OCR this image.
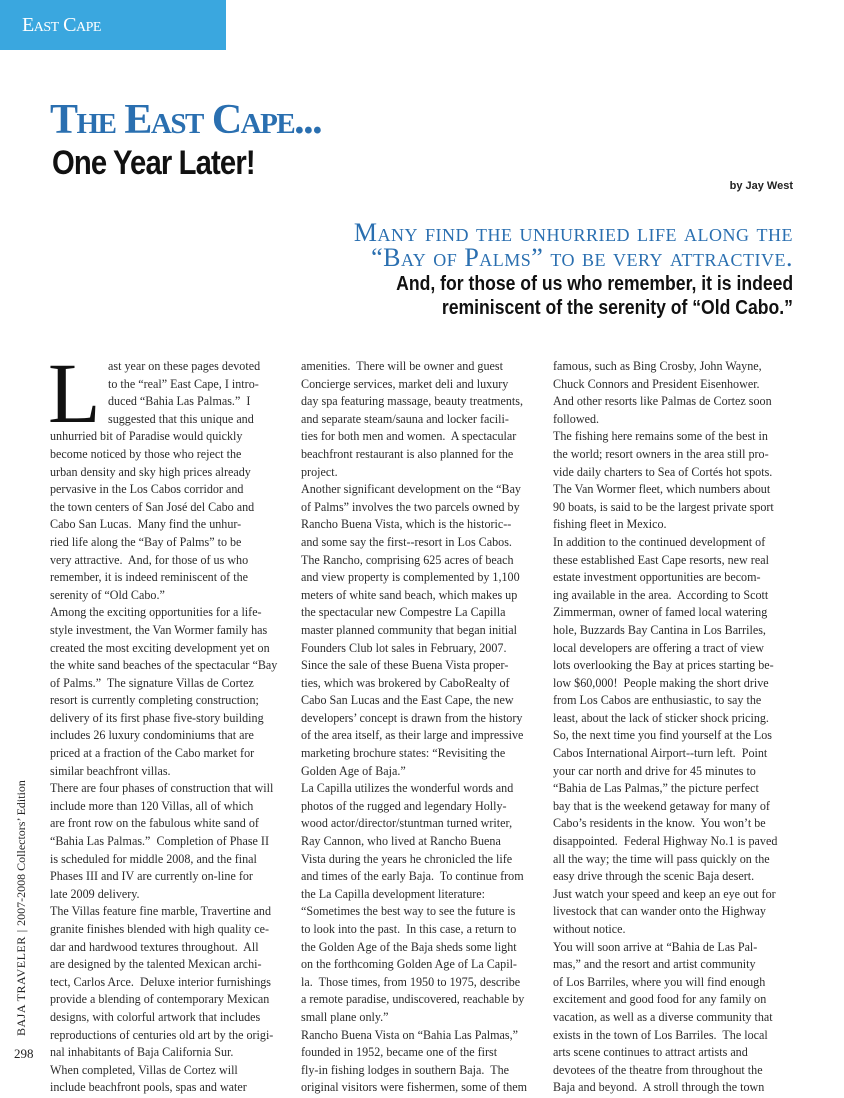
East Cape
The East Cape...
One Year Later!
by Jay West
Many find the unhurried life along the
“Bay of Palms” to be very attractive.
And, for those of us who remember, it is indeed
reminiscent of the serenity of “Old Cabo.”
L ast year on these pages devoted
to the “real” East Cape, I intro-
duced “Bahia Las Palmas.”  I
suggested that this unique and
unhurried bit of Paradise would quickly
become noticed by those who reject the
urban density and sky high prices already
pervasive in the Los Cabos corridor and
the town centers of San José del Cabo and
Cabo San Lucas.  Many find the unhur-
ried life along the “Bay of Palms” to be
very attractive.  And, for those of us who
remember, it is indeed reminiscent of the
serenity of “Old Cabo.”
Among the exciting opportunities for a life-
style investment, the Van Wormer family has
created the most exciting development yet on
the white sand beaches of the spectacular “Bay
of Palms.”  The signature Villas de Cortez
resort is currently completing construction;
delivery of its first phase five-story building
includes 26 luxury condominiums that are
priced at a fraction of the Cabo market for
similar beachfront villas.
There are four phases of construction that will
include more than 120 Villas, all of which
are front row on the fabulous white sand of
“Bahia Las Palmas.”  Completion of Phase II
is scheduled for middle 2008, and the final
Phases III and IV are currently on-line for
late 2009 delivery.
The Villas feature fine marble, Travertine and
granite finishes blended with high quality ce-
dar and hardwood textures throughout.  All
are designed by the talented Mexican archi-
tect, Carlos Arce.  Deluxe interior furnishings
provide a blending of contemporary Mexican
designs, with colorful artwork that includes
reproductions of centuries old art by the origi-
nal inhabitants of Baja California Sur.
When completed, Villas de Cortez will
include beachfront pools, spas and water
amenities.  There will be owner and guest
Concierge services, market deli and luxury
day spa featuring massage, beauty treatments,
and separate steam/sauna and locker facili-
ties for both men and women.  A spectacular
beachfront restaurant is also planned for the
project.
Another significant development on the “Bay
of Palms” involves the two parcels owned by
Rancho Buena Vista, which is the historic--
and some say the first--resort in Los Cabos.
The Rancho, comprising 625 acres of beach
and view property is complemented by 1,100
meters of white sand beach, which makes up
the spectacular new Compestre La Capilla
master planned community that began initial
Founders Club lot sales in February, 2007.
Since the sale of these Buena Vista proper-
ties, which was brokered by CaboRealty of
Cabo San Lucas and the East Cape, the new
developers’ concept is drawn from the history
of the area itself, as their large and impressive
marketing brochure states: “Revisiting the
Golden Age of Baja.”
La Capilla utilizes the wonderful words and
photos of the rugged and legendary Holly-
wood actor/director/stuntman turned writer,
Ray Cannon, who lived at Rancho Buena
Vista during the years he chronicled the life
and times of the early Baja.  To continue from
the La Capilla development literature:
“Sometimes the best way to see the future is
to look into the past.  In this case, a return to
the Golden Age of the Baja sheds some light
on the forthcoming Golden Age of La Capil-
la.  Those times, from 1950 to 1975, describe
a remote paradise, undiscovered, reachable by
small plane only.”
Rancho Buena Vista on “Bahia Las Palmas,”
founded in 1952, became one of the first
fly-in fishing lodges in southern Baja.  The
original visitors were fishermen, some of them
famous, such as Bing Crosby, John Wayne,
Chuck Connors and President Eisenhower.
And other resorts like Palmas de Cortez soon
followed.
The fishing here remains some of the best in
the world; resort owners in the area still pro-
vide daily charters to Sea of Cortés hot spots.
The Van Wormer fleet, which numbers about
90 boats, is said to be the largest private sport
fishing fleet in Mexico.
In addition to the continued development of
these established East Cape resorts, new real
estate investment opportunities are becom-
ing available in the area.  According to Scott
Zimmerman, owner of famed local watering
hole, Buzzards Bay Cantina in Los Barriles,
local developers are offering a tract of view
lots overlooking the Bay at prices starting be-
low $60,000!  People making the short drive
from Los Cabos are enthusiastic, to say the
least, about the lack of sticker shock pricing.
So, the next time you find yourself at the Los
Cabos International Airport--turn left.  Point
your car north and drive for 45 minutes to
“Bahia de Las Palmas,” the picture perfect
bay that is the weekend getaway for many of
Cabo’s residents in the know.  You won’t be
disappointed.  Federal Highway No.1 is paved
all the way; the time will pass quickly on the
easy drive through the scenic Baja desert.
Just watch your speed and keep an eye out for
livestock that can wander onto the Highway
without notice.
You will soon arrive at “Bahia de Las Pal-
mas,” and the resort and artist community
of Los Barriles, where you will find enough
excitement and good food for any family on
vacation, as well as a diverse community that
exists in the town of Los Barriles.  The local
arts scene continues to attract artists and
devotees of the theatre from throughout the
Baja and beyond.  A stroll through the town
BAJA TRAVELER|2007-2008 Collectors’ Edition
298
